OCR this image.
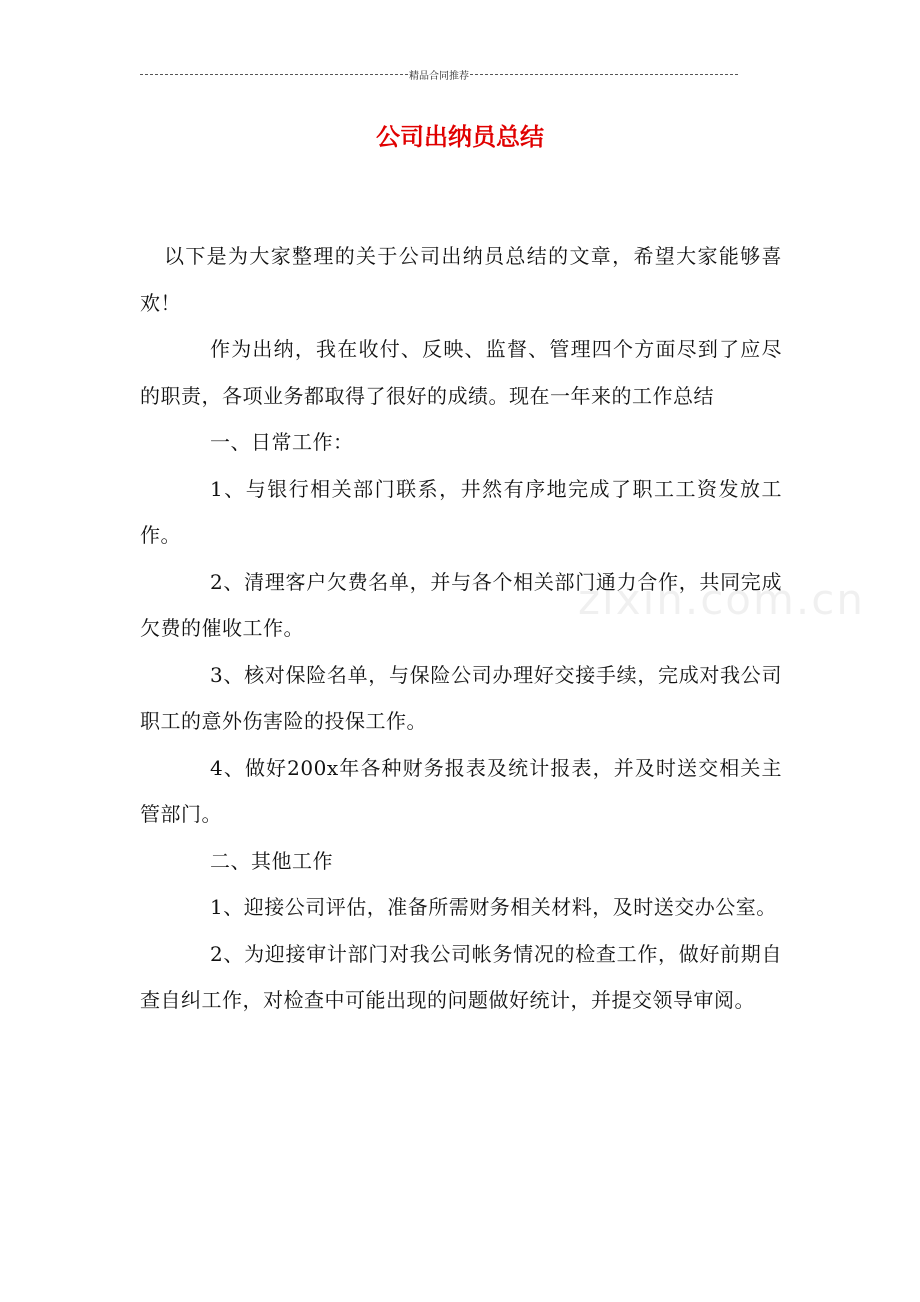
精品合同推荐
公司出纳员总结
zixin.com.cn

以下是为大家整理的关于公司出纳员总结的文章，希望大家能够喜欢！

作为出纳，我在收付、反映、监督、管理四个方面尽到了应尽的职责，各项业务都取得了很好的成绩。现在一年来的工作总结

一、日常工作：

1、与银行相关部门联系，井然有序地完成了职工工资发放工作。

2、清理客户欠费名单，并与各个相关部门通力合作，共同完成欠费的催收工作。

3、核对保险名单，与保险公司办理好交接手续，完成对我公司职工的意外伤害险的投保工作。

4、做好200x年各种财务报表及统计报表，并及时送交相关主管部门。

二、其他工作

1、迎接公司评估，准备所需财务相关材料，及时送交办公室。

2、为迎接审计部门对我公司帐务情况的检查工作，做好前期自查自纠工作，对检查中可能出现的问题做好统计，并提交领导审阅。
